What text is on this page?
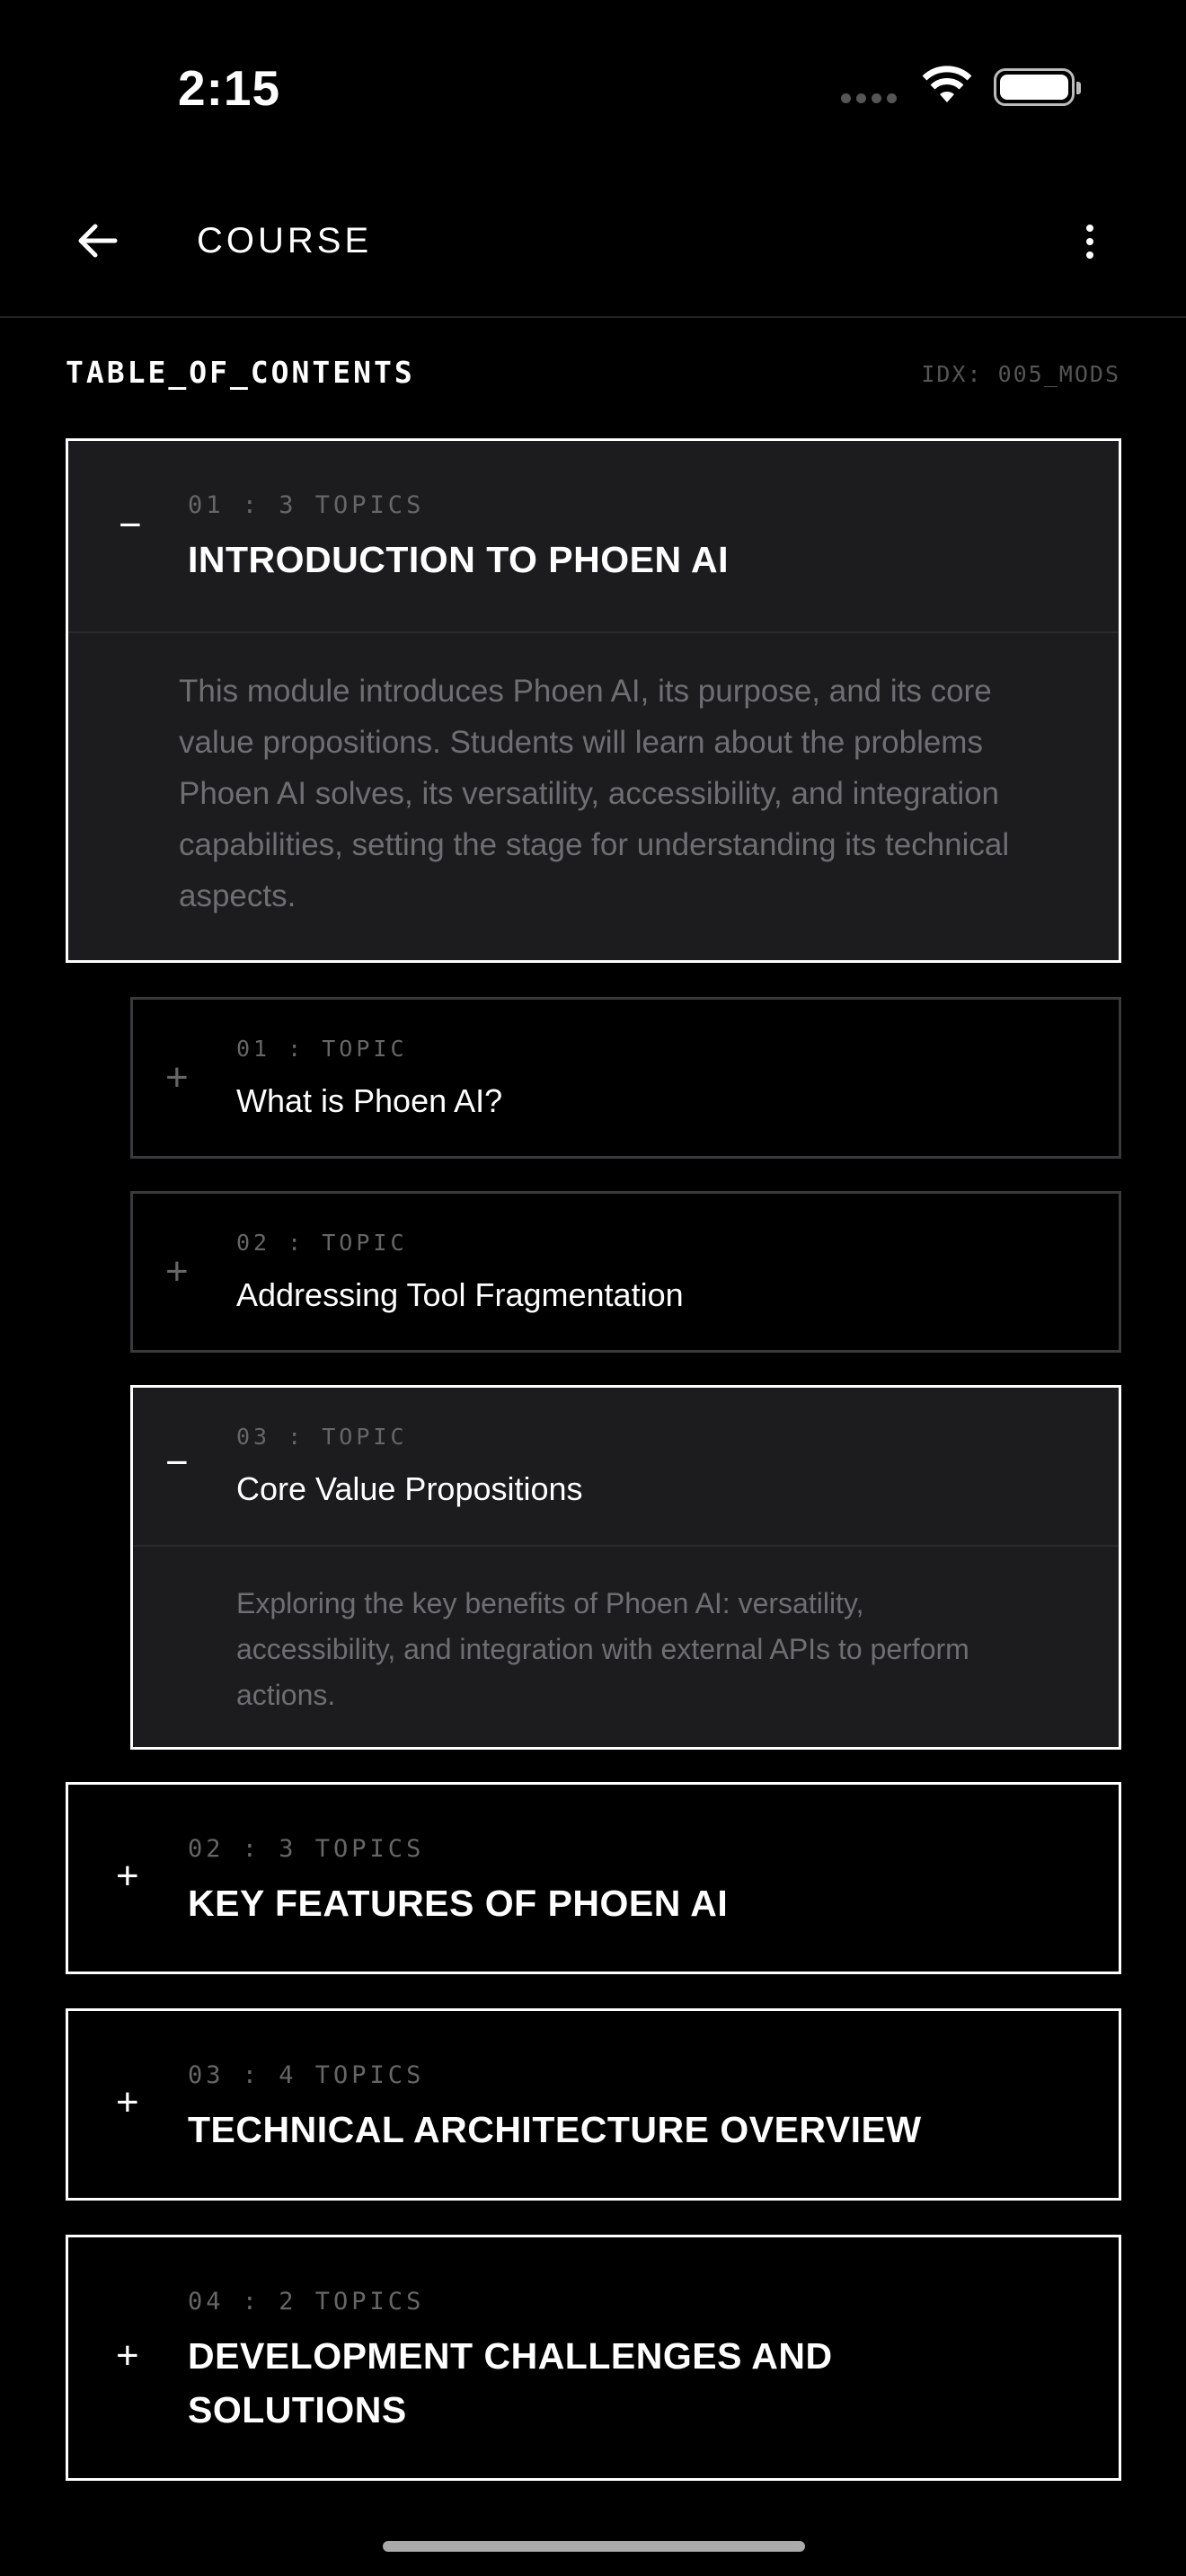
2:15
COURSE
TABLE_OF_CONTENTS	IDX: 005_MODS
− 01 : 3 TOPICS
INTRODUCTION TO PHOEN AI
This module introduces Phoen AI, its purpose, and its core value propositions. Students will learn about the problems Phoen AI solves, its versatility, accessibility, and integration capabilities, setting the stage for understanding its technical aspects.
+
01 : TOPIC
What is Phoen AI?
+
02 : TOPIC
Addressing Tool Fragmentation
−
03 : TOPIC
Core Value Propositions
Exploring the key benefits of Phoen AI: versatility, accessibility, and integration with external APIs to perform actions.
+
02 : 3 TOPICS
KEY FEATURES OF PHOEN AI
+
03 : 4 TOPICS
TECHNICAL ARCHITECTURE OVERVIEW
+
04 : 2 TOPICS
DEVELOPMENT CHALLENGES AND SOLUTIONS
